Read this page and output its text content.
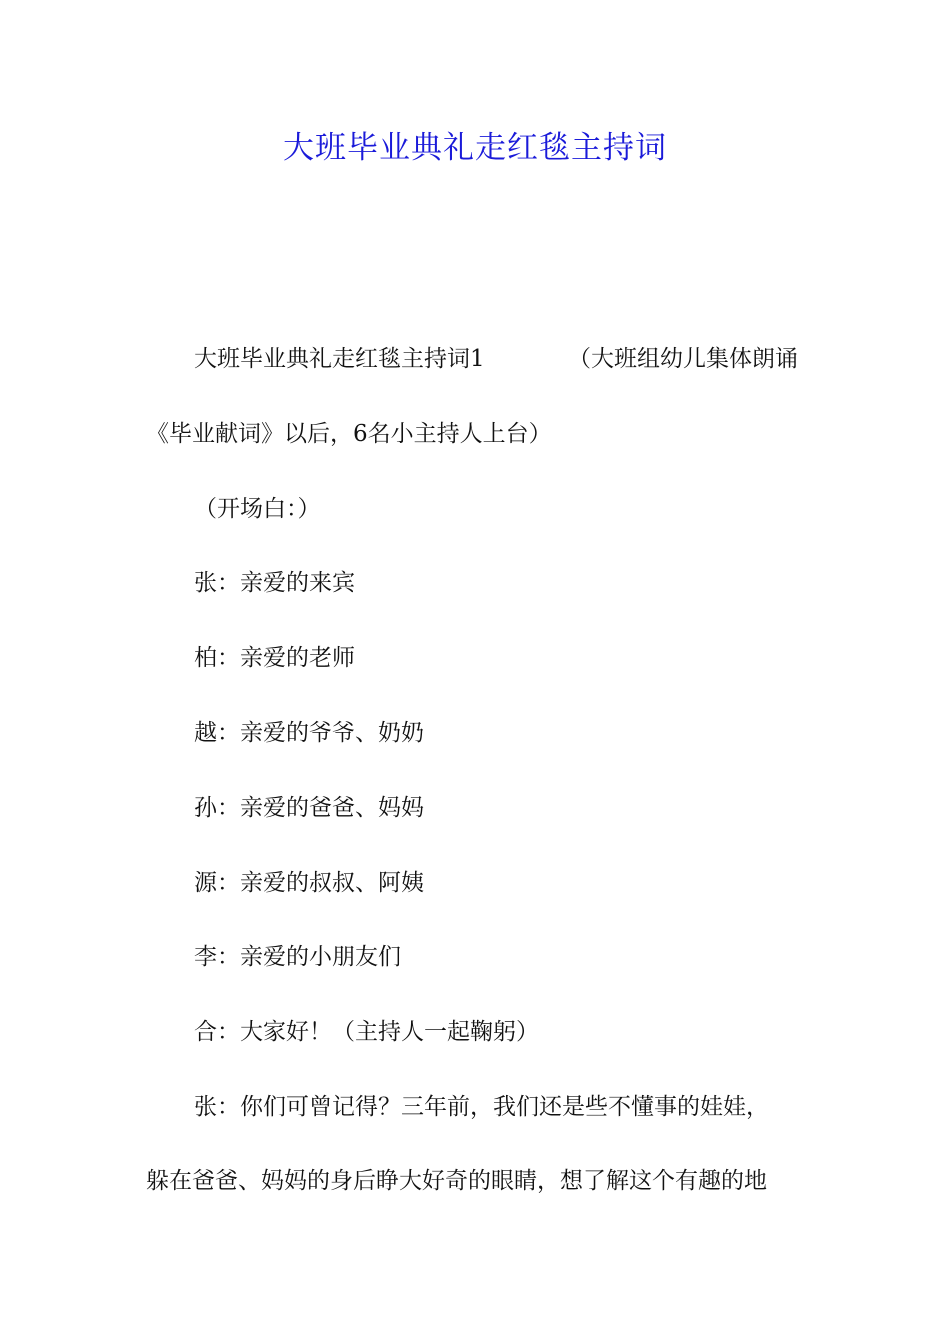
大班毕业典礼走红毯主持词
大班毕业典礼走红毯主持词1	（大班组幼儿集体朗诵
《毕业献词》以后，6名小主持人上台）
（开场白：）
张：亲爱的来宾
柏：亲爱的老师
越：亲爱的爷爷、奶奶
孙：亲爱的爸爸、妈妈
源：亲爱的叔叔、阿姨
李：亲爱的小朋友们
合：大家好！（主持人一起鞠躬）
张：你们可曾记得？三年前，我们还是些不懂事的娃娃，
躲在爸爸、妈妈的身后睁大好奇的眼睛，想了解这个有趣的地
